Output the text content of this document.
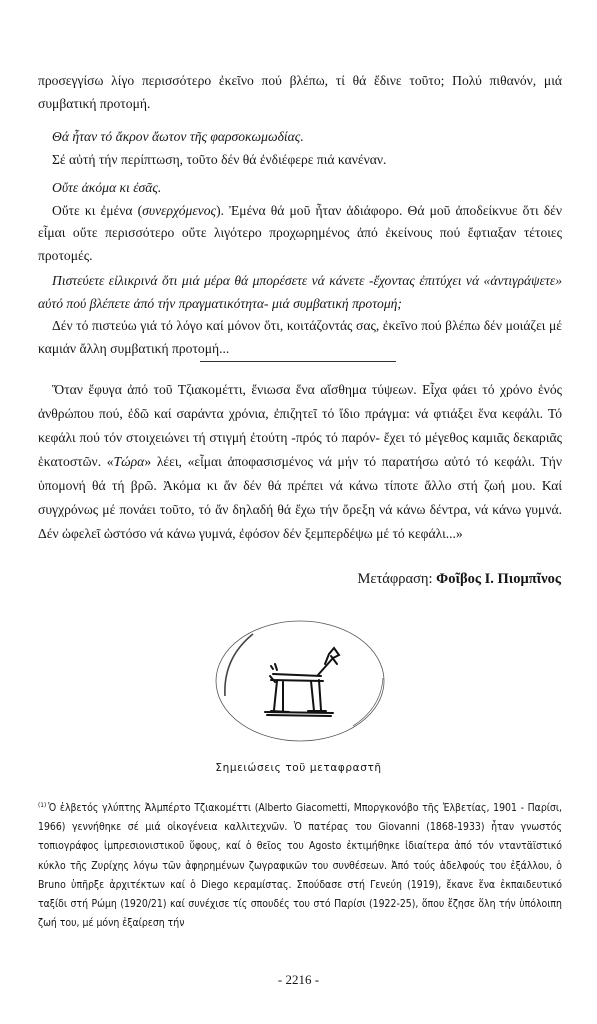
προσεγγίσω λίγο περισσότερο ἐκεῖνο πού βλέπω, τί θά ἔδινε τοῦτο; Πολύ πιθανόν, μιά συμβατική προτομή.

Θά ἦταν τό ἄκρον ἄωτον τῆς φαρσοκωμωδίας.

Σέ αὐτή τήν περίπτωση, τοῦτο δέν θά ἐνδιέφερε πιά κανέναν.

Οὔτε ἀκόμα κι ἐσᾶς.

Οὔτε κι ἐμένα (συνερχόμενος). Ἐμένα θά μοῦ ἦταν ἀδιάφορο. Θά μοῦ ἀποδείκνυε ὅτι δέν εἶμαι οὔτε περισσότερο οὔτε λιγότερο προχωρημένος ἀπό ἐκείνους πού ἔφτιαξαν τέτοιες προτομές.

Πιστεύετε εἰλικρινά ὅτι μιά μέρα θά μπορέσετε νά κάνετε -ἔχοντας ἐπιτύχει νά «ἀντιγράψετε» αὐτό πού βλέπετε ἀπό τήν πραγματικότητα- μιά συμβατική προτομή;

Δέν τό πιστεύω γιά τό λόγο καί μόνον ὅτι, κοιτάζοντάς σας, ἐκεῖνο πού βλέπω δέν μοιάζει μέ καμιάν ἄλλη συμβατική προτομή...

Ὅταν ἔφυγα ἀπό τοῦ Τζιακομέττι, ἔνιωσα ἕνα αἴσθημα τύψεων. Εἶχα φάει τό χρόνο ἑνός ἀνθρώπου πού, ἐδῶ καί σαράντα χρόνια, ἐπιζητεῖ τό ἴδιο πράγμα: νά φτιάξει ἕνα κεφάλι. Τό κεφάλι πού τόν στοιχειώνει τή στιγμή ἐτούτη -πρός τό παρόν- ἔχει τό μέγεθος καμιᾶς δεκαριᾶς ἑκατοστῶν. «Τώρα» λέει, «εἶμαι ἀποφασισμένος νά μήν τό παρατήσω αὐτό τό κεφάλι. Τήν ὑπομονή θά τή βρῶ. Ἀκόμα κι ἄν δέν θά πρέπει νά κάνω τίποτε ἄλλο στή ζωή μου. Καί συγχρόνως μέ πονάει τοῦτο, τό ἄν δηλαδή θά ἔχω τήν ὄρεξη νά κάνω δέντρα, νά κάνω γυμνά. Δέν ὠφελεῖ ὡστόσο νά κάνω γυμνά, ἐφόσον δέν ξεμπερδέψω μέ τό κεφάλι...»

Μετάφραση: Φοῖβος Ι. Πιομπῖνος
Σημειώσεις τοῦ μεταφραστῆ

$^{(1)}$ Ὁ ἐλβετός γλύπτης Ἀλμπέρτο Τζιακομέττι (Alberto Giacometti, Μποργκονόβο τῆς Ἐλβετίας, 1901 - Παρίσι, 1966) γεννήθηκε σέ μιά οἰκογένεια καλλιτεχνῶν. Ὁ πατέρας του Giovanni (1868-1933) ἦταν γνωστός τοπιογράφος ἰμπρεσιονιστικοῦ ὕφους, καί ὁ θεῖος του Agosto ἐκτιμήθηκε ἰδιαίτερα ἀπό τόν νταντα̈ϊστικό κύκλο τῆς Ζυρίχης λόγω τῶν ἀφηρημένων ζωγραφικῶν του συνθέσεων. Ἀπό τούς ἀδελφούς του ἐξάλλου, ὁ Bruno ὑπῆρξε ἀρχιτέκτων καί ὁ Diego κεραμίστας. Σπούδασε στή Γενεύη (1919), ἔκανε ἕνα ἐκπαιδευτικό ταξίδι στή Ρώμη (1920/21) καί συνέχισε τίς σπουδές του στό Παρίσι (1922-25), ὅπου ἔζησε ὅλη τήν ὑπόλοιπη ζωή του, μέ μόνη ἐξαίρεση τήν

- 2216 -
